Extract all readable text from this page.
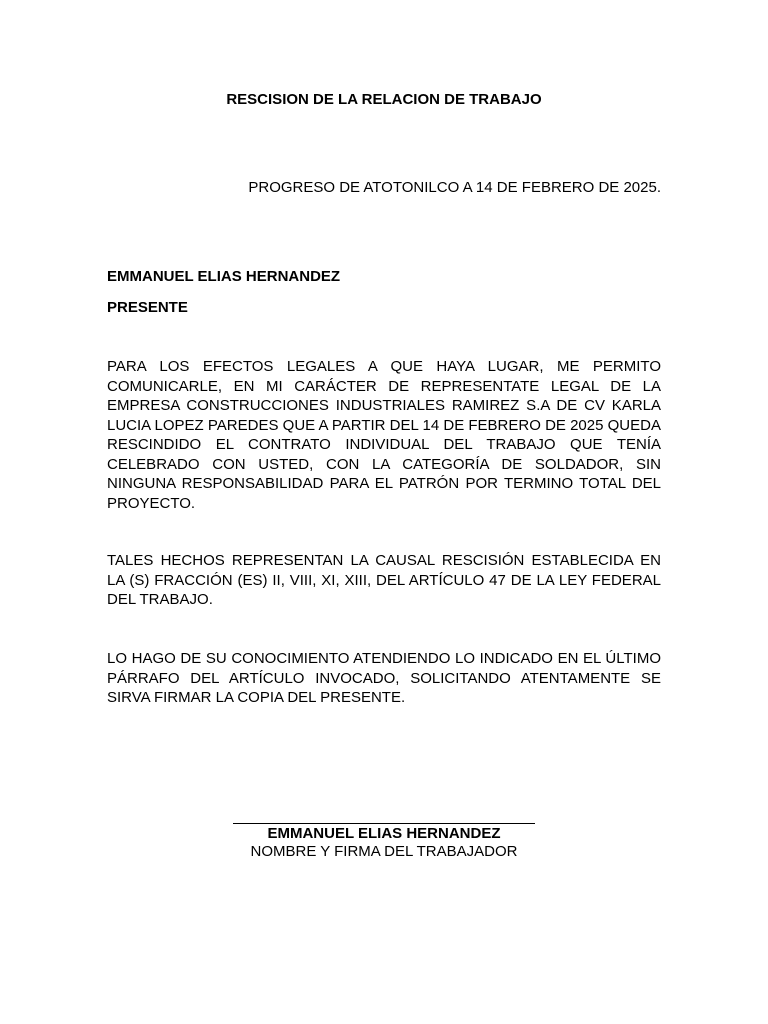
RESCISION DE LA RELACION DE TRABAJO

PROGRESO DE ATOTONILCO A 14 DE FEBRERO DE 2025.

EMMANUEL ELIAS HERNANDEZ

PRESENTE

PARA LOS EFECTOS LEGALES A QUE HAYA LUGAR, ME PERMITO COMUNICARLE, EN MI CARÁCTER DE REPRESENTATE LEGAL DE LA EMPRESA CONSTRUCCIONES INDUSTRIALES RAMIREZ S.A DE CV KARLA LUCIA LOPEZ PAREDES QUE A PARTIR DEL 14 DE FEBRERO DE 2025 QUEDA RESCINDIDO EL CONTRATO INDIVIDUAL DEL TRABAJO QUE TENÍA CELEBRADO CON USTED, CON LA CATEGORÍA DE SOLDADOR, SIN NINGUNA RESPONSABILIDAD PARA EL PATRÓN POR TERMINO TOTAL DEL PROYECTO.

TALES HECHOS REPRESENTAN LA CAUSAL RESCISIÓN ESTABLECIDA EN LA (S) FRACCIÓN (ES) II, VIII, XI, XIII, DEL ARTÍCULO 47 DE LA LEY FEDERAL DEL TRABAJO.

LO HAGO DE SU CONOCIMIENTO ATENDIENDO LO INDICADO EN EL ÚLTIMO PÁRRAFO DEL ARTÍCULO INVOCADO, SOLICITANDO ATENTAMENTE SE SIRVA FIRMAR LA COPIA DEL PRESENTE.

EMMANUEL ELIAS HERNANDEZ

NOMBRE Y FIRMA DEL TRABAJADOR
